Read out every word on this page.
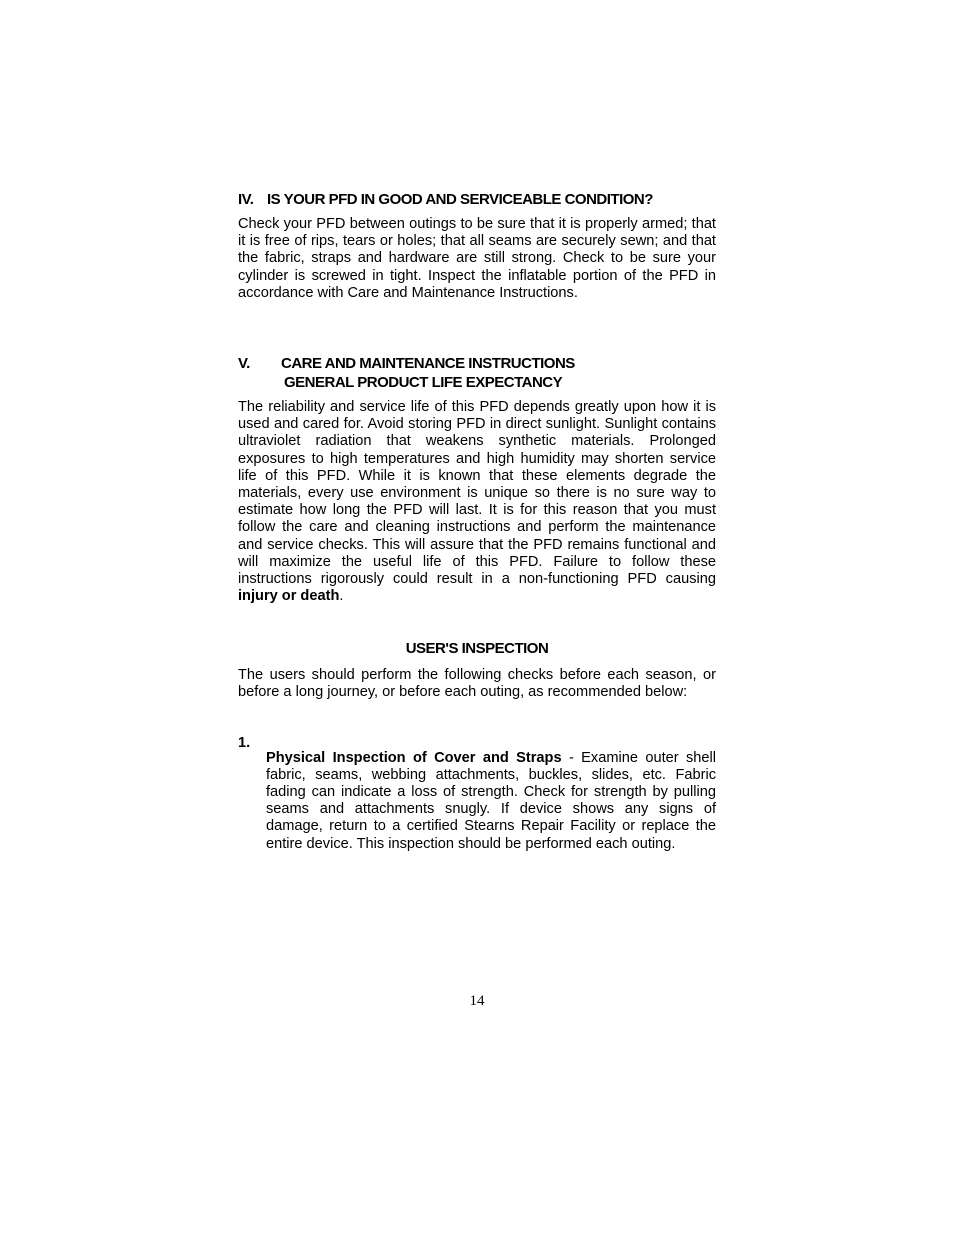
IV. IS YOUR PFD IN GOOD AND SERVICEABLE CONDITION?

Check your PFD between outings to be sure that it is properly armed; that it is free of rips, tears or holes; that all seams are securely sewn; and that the fabric, straps and hardware are still strong. Check to be sure your cylinder is screwed in tight. Inspect the inflatable portion of the PFD in accordance with Care and Maintenance Instructions.

V. CARE AND MAINTENANCE INSTRUCTIONS
GENERAL PRODUCT LIFE EXPECTANCY

The reliability and service life of this PFD depends greatly upon how it is used and cared for. Avoid storing PFD in direct sunlight. Sunlight contains ultraviolet radiation that weakens synthetic materials. Prolonged exposures to high temperatures and high humidity may shorten service life of this PFD. While it is known that these elements degrade the materials, every use environment is unique so there is no sure way to estimate how long the PFD will last. It is for this reason that you must follow the care and cleaning instructions and perform the maintenance and service checks. This will assure that the PFD remains functional and will maximize the useful life of this PFD. Failure to follow these instructions rigorously could result in a non-functioning PFD causing injury or death.

USER'S INSPECTION

The users should perform the following checks before each season, or before a long journey, or before each outing, as recommended below:

1.

Physical Inspection of Cover and Straps - Examine outer shell fabric, seams, webbing attachments, buckles, slides, etc. Fabric fading can indicate a loss of strength. Check for strength by pulling seams and attachments snugly. If device shows any signs of damage, return to a certified Stearns Repair Facility or replace the entire device. This inspection should be performed each outing.

14
